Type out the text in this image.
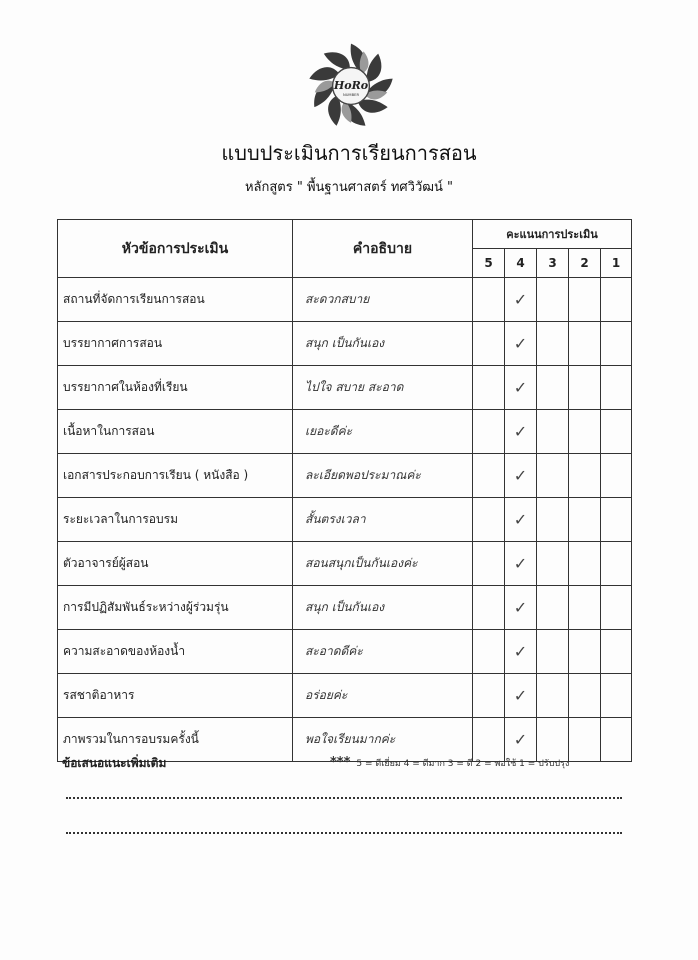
HoRo
NUMBER
แบบประเมินการเรียนการสอน
หลักสูตร " พื้นฐานศาสตร์ ทศวิวัฒน์ "
หัวข้อการประเมิน	คำอธิบาย	คะแนนการประเมิน				
		5	4	3	2	1
สถานที่จัดการเรียนการสอน	สะดวกสบาย		✓			
บรรยากาศการสอน	สนุก เป็นกันเอง		✓			
บรรยากาศในห้องที่เรียน	ไปใจ สบาย สะอาด		✓			
เนื้อหาในการสอน	เยอะดีค่ะ		✓			
เอกสารประกอบการเรียน ( หนังสือ )	ละเอียดพอประมาณค่ะ		✓			
ระยะเวลาในการอบรม	สั้นตรงเวลา		✓			
ตัวอาจารย์ผู้สอน	สอนสนุกเป็นกันเองค่ะ		✓			
การมีปฏิสัมพันธ์ระหว่างผู้ร่วมรุ่น	สนุก เป็นกันเอง		✓			
ความสะอาดของห้องน้ำ	สะอาดดีค่ะ		✓			
รสชาติอาหาร	อร่อยค่ะ		✓			
ภาพรวมในการอบรมครั้งนี้	พอใจเรียนมากค่ะ		✓			
ข้อเสนอแนะเพิ่มเติม	*** 5 = ดีเยี่ยม 4 = ดีมาก 3 = ดี 2 = พอใช้ 1 = ปรับปรุง
